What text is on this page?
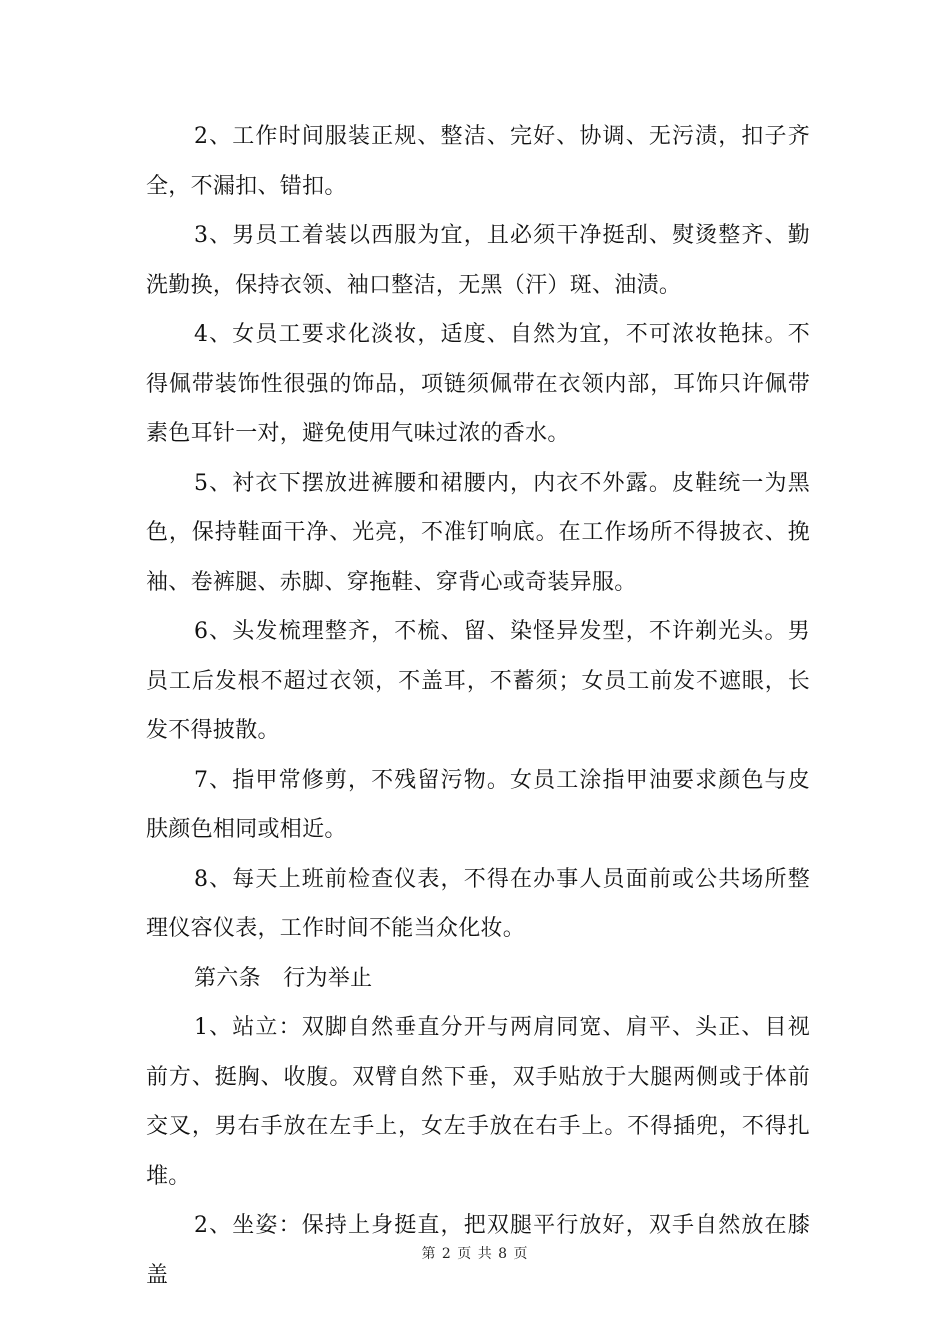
2、工作时间服装正规、整洁、完好、协调、无污渍，扣子齐全，不漏扣、错扣。

3、男员工着装以西服为宜，且必须干净挺刮、熨烫整齐、勤洗勤换，保持衣领、袖口整洁，无黑（汗）斑、油渍。

4、女员工要求化淡妆，适度、自然为宜，不可浓妆艳抹。不得佩带装饰性很强的饰品，项链须佩带在衣领内部，耳饰只许佩带素色耳针一对，避免使用气味过浓的香水。

5、衬衣下摆放进裤腰和裙腰内，内衣不外露。皮鞋统一为黑色，保持鞋面干净、光亮，不准钉响底。在工作场所不得披衣、挽袖、卷裤腿、赤脚、穿拖鞋、穿背心或奇装异服。

6、头发梳理整齐，不梳、留、染怪异发型，不许剃光头。男员工后发根不超过衣领，不盖耳，不蓄须；女员工前发不遮眼，长发不得披散。

7、指甲常修剪，不残留污物。女员工涂指甲油要求颜色与皮肤颜色相同或相近。

8、每天上班前检查仪表，不得在办事人员面前或公共场所整理仪容仪表，工作时间不能当众化妆。

第六条　行为举止

1、站立：双脚自然垂直分开与两肩同宽、肩平、头正、目视前方、挺胸、收腹。双臂自然下垂，双手贴放于大腿两侧或于体前交叉，男右手放在左手上，女左手放在右手上。不得插兜，不得扎堆。

2、坐姿：保持上身挺直，把双腿平行放好，双手自然放在膝盖

第 2 页 共 8 页
